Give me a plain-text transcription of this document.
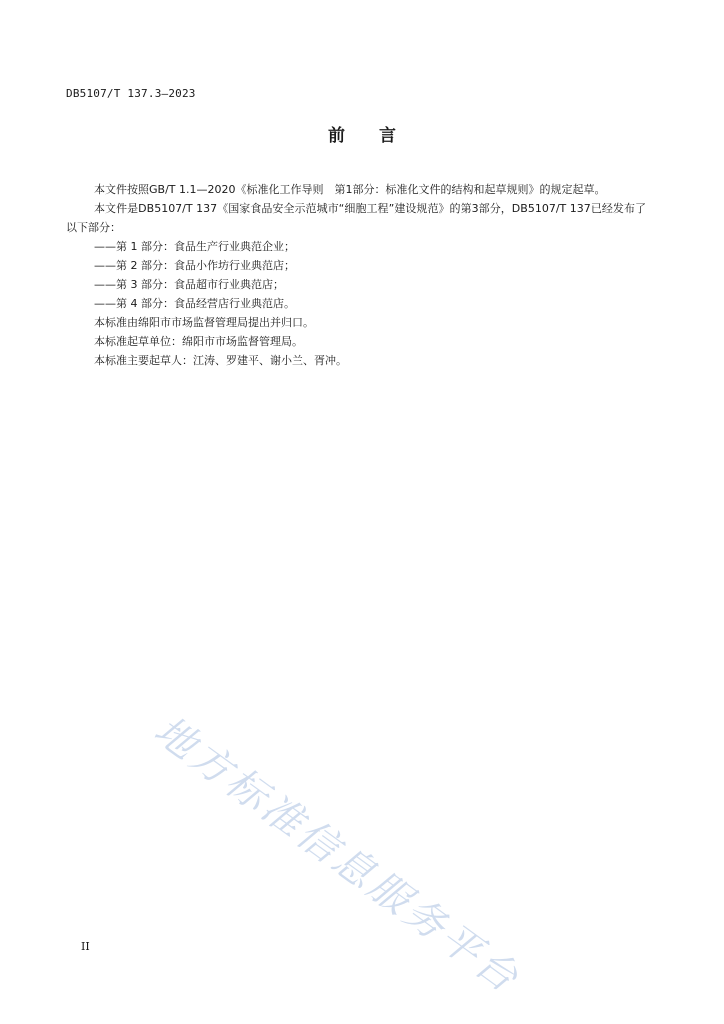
DB5107/T 137.3—2023
前言

本文件按照GB/T 1.1—2020《标准化工作导则　第1部分：标准化文件的结构和起草规则》的规定起草。

本文件是DB5107/T 137《国家食品安全示范城市“细胞工程”建设规范》的第3部分，DB5107/T 137已经发布了以下部分：

——第 1 部分：食品生产行业典范企业；

——第 2 部分：食品小作坊行业典范店；

——第 3 部分：食品超市行业典范店；

——第 4 部分：食品经营店行业典范店。

本标准由绵阳市市场监督管理局提出并归口。

本标准起草单位：绵阳市市场监督管理局。

本标准主要起草人：江涛、罗建平、谢小兰、胥冲。

地方标准信息服务平台
II
